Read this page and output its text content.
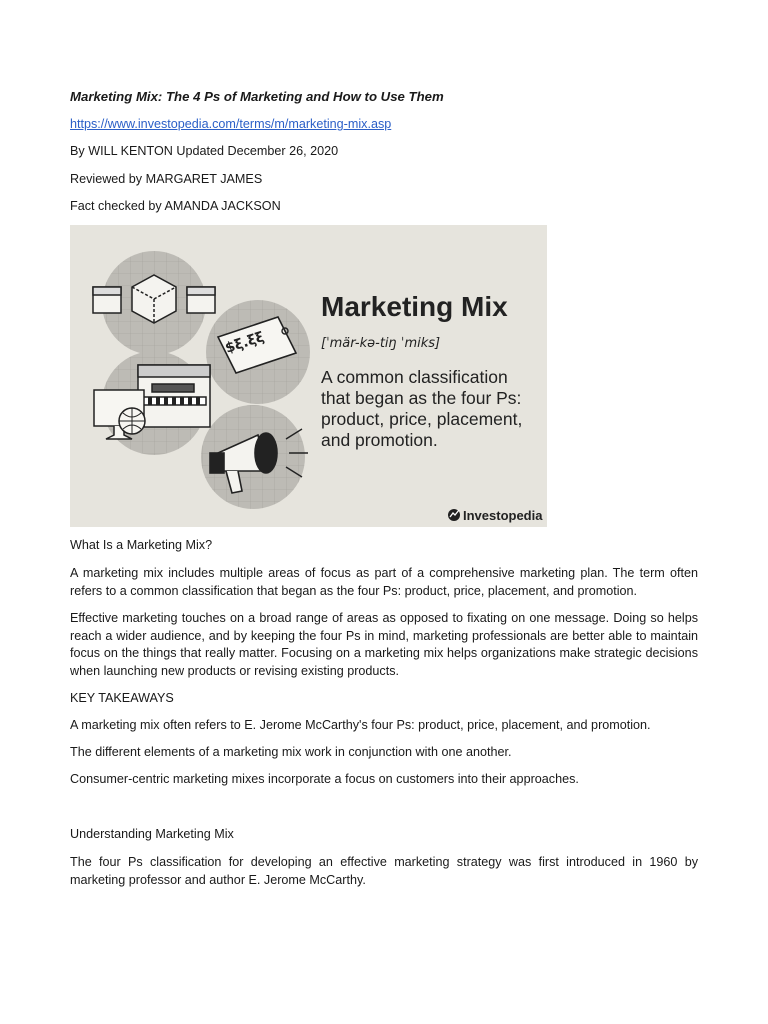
Marketing Mix: The 4 Ps of Marketing and How to Use Them
https://www.investopedia.com/terms/m/marketing-mix.asp
By WILL KENTON Updated December 26, 2020
Reviewed by MARGARET JAMES
Fact checked by AMANDA JACKSON
$ξ.ξξ
Marketing Mix
[ˈmär-kə-tiŋ ˈmiks]
A common classification
that began as the four Ps:
product, price, placement,
and promotion.
Investopedia
What Is a Marketing Mix?
A marketing mix includes multiple areas of focus as part of a comprehensive marketing plan. The term often refers to a common classification that began as the four Ps: product, price, placement, and promotion.
Effective marketing touches on a broad range of areas as opposed to fixating on one message. Doing so helps reach a wider audience, and by keeping the four Ps in mind, marketing professionals are better able to maintain focus on the things that really matter. Focusing on a marketing mix helps organizations make strategic decisions when launching new products or revising existing products.
KEY TAKEAWAYS
A marketing mix often refers to E. Jerome McCarthy's four Ps: product, price, placement, and promotion.
The different elements of a marketing mix work in conjunction with one another.
Consumer-centric marketing mixes incorporate a focus on customers into their approaches.
Understanding Marketing Mix
The four Ps classification for developing an effective marketing strategy was first introduced in 1960 by marketing professor and author E. Jerome McCarthy.
